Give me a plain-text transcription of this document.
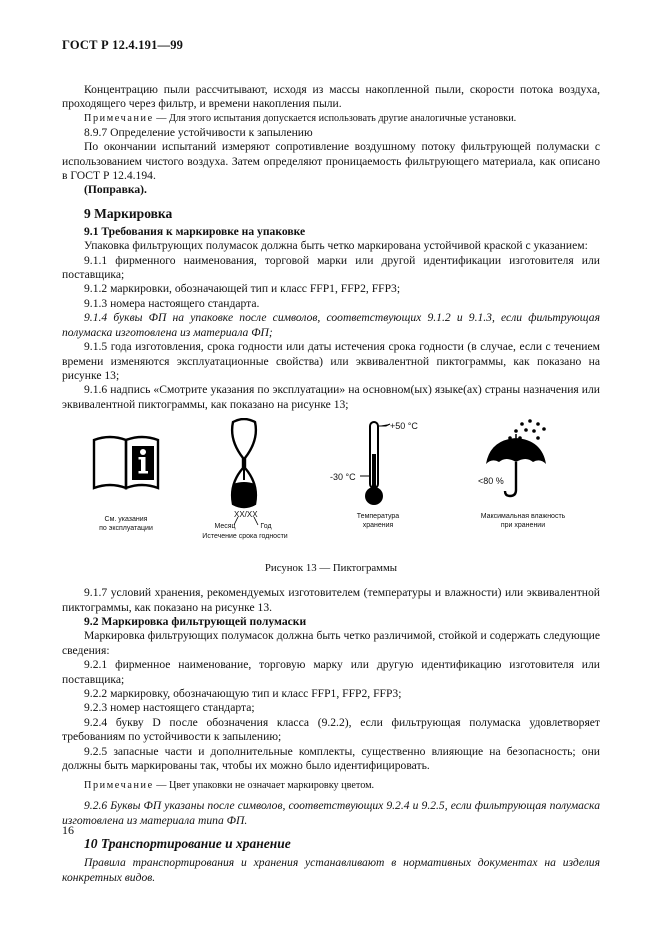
ГОСТ Р 12.4.191—99

Концентрацию пыли рассчитывают, исходя из массы накопленной пыли, скорости потока воздуха, проходящего через фильтр, и времени накопления пыли.

Примечание — Для этого испытания допускается использовать другие аналогичные установки.

8.9.7 Определение устойчивости к запылению

По окончании испытаний измеряют сопротивление воздушному потоку фильтрующей полумаски с использованием чистого воздуха. Затем определяют проницаемость фильтрующего материала, как описано в ГОСТ Р 12.4.194.

(Поправка).

9 Маркировка
9.1 Требования к маркировке на упаковке

Упаковка фильтрующих полумасок должна быть четко маркирована устойчивой краской с указанием:

9.1.1 фирменного наименования, торговой марки или другой идентификации изготовителя или поставщика;

9.1.2 маркировки, обозначающей тип и класс FFP1, FFP2, FFP3;

9.1.3 номера настоящего стандарта.

9.1.4 буквы ФП на упаковке после символов, соответствующих 9.1.2 и 9.1.3, если фильтрующая полумаска изготовлена из материала ФП;

9.1.5 года изготовления, срока годности или даты истечения срока годности (в случае, если с течением времени изменяются эксплуатационные свойства) или эквивалентной пиктограммы, как показано на рисунке 13;

9.1.6 надпись «Смотрите указания по эксплуатации» на основном(ых) языке(ах) страны назначения или эквивалентной пиктограммы, как показано на рисунке 13;

См. указания
по эксплуатации
XX/XX
Месяц	Год
Истечение срока годности
+50 °C
-30 °C
Температура
хранения
<80 %
Максимальная влажность
при хранении
Рисунок 13 — Пиктограммы

9.1.7 условий хранения, рекомендуемых изготовителем (температуры и влажности) или эквивалентной пиктограммы, как показано на рисунке 13.

9.2 Маркировка фильтрующей полумаски

Маркировка фильтрующих полумасок должна быть четко различимой, стойкой и содержать следующие сведения:

9.2.1 фирменное наименование, торговую марку или другую идентификацию изготовителя или поставщика;

9.2.2 маркировку, обозначающую тип и класс FFP1, FFP2, FFP3;

9.2.3 номер настоящего стандарта;

9.2.4 букву D после обозначения класса (9.2.2), если фильтрующая полумаска удовлетворяет требованиям по устойчивости к запылению;

9.2.5 запасные части и дополнительные комплекты, существенно влияющие на безопасность; они должны быть маркированы так, чтобы их можно было идентифицировать.

Примечание — Цвет упаковки не означает маркировку цветом.

9.2.6 Буквы ФП указаны после символов, соответствующих 9.2.4 и 9.2.5, если фильтрующая полумаска изготовлена из материала типа ФП.

10 Транспортирование и хранение

Правила транспортирования и хранения устанавливают в нормативных документах на изделия конкретных видов.

16
